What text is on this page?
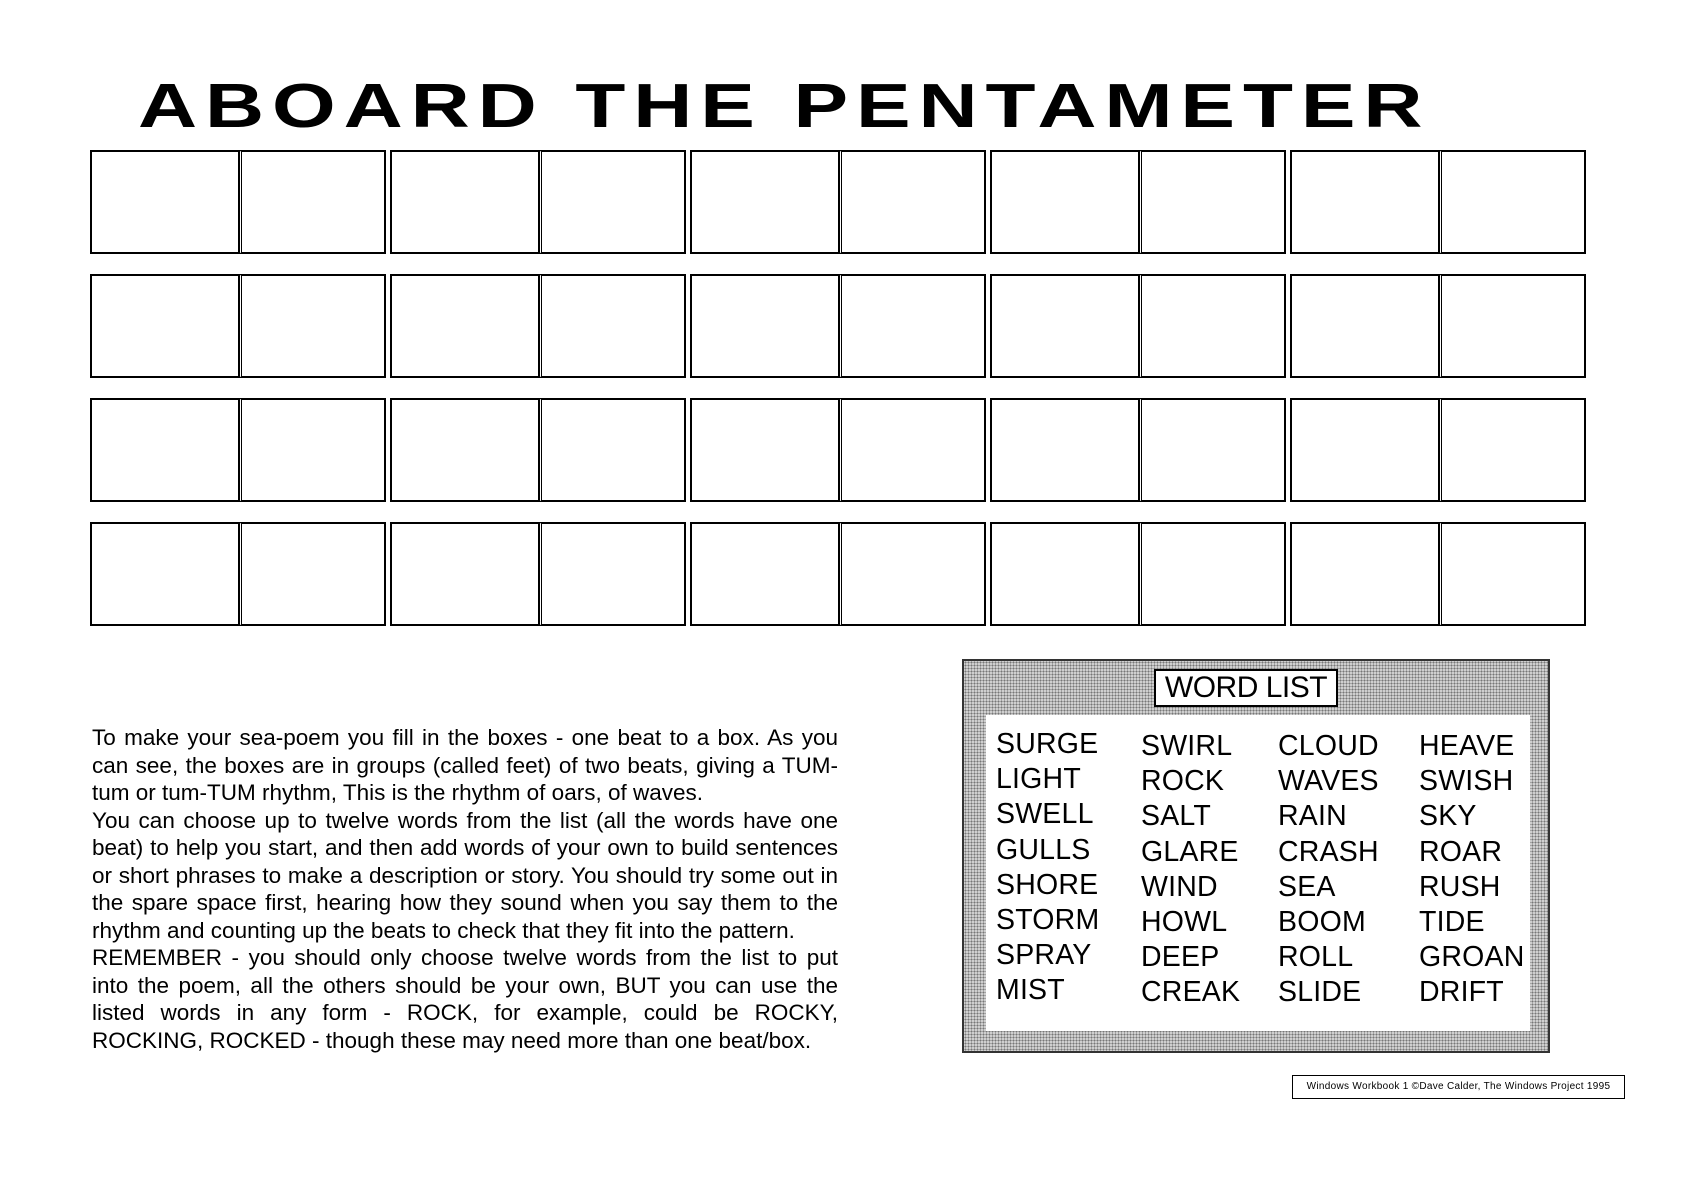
ABOARD THE PENTAMETER

To make your sea-poem you fill in the boxes - one beat to a box. As you can see, the boxes are in groups (called feet) of two beats, giving a TUM-tum or tum-TUM rhythm, This is the rhythm of oars, of waves.

You can choose up to twelve words from the list (all the words have one beat) to help you start, and then add words of your own to build sentences or short phrases to make a description or story. You should try some out in the spare space first, hearing how they sound when you say them to the rhythm and counting up the beats to check that they fit into the pattern.

REMEMBER - you should only choose twelve words from the list to put into the poem, all the others should be your own, BUT you can use the listed words in any form - ROCK, for example, could be ROCKY, ROCKING, ROCKED - though these may need more than one beat/box.

WORD LIST
SURGE
LIGHT
SWELL
GULLS
SHORE
STORM
SPRAY
MIST
SWIRL
ROCK
SALT
GLARE
WIND
HOWL
DEEP
CREAK
CLOUD
WAVES
RAIN
CRASH
SEA
BOOM
ROLL
SLIDE
HEAVE
SWISH
SKY
ROAR
RUSH
TIDE
GROAN
DRIFT
Windows Workbook 1 ©Dave Calder, The Windows Project 1995
